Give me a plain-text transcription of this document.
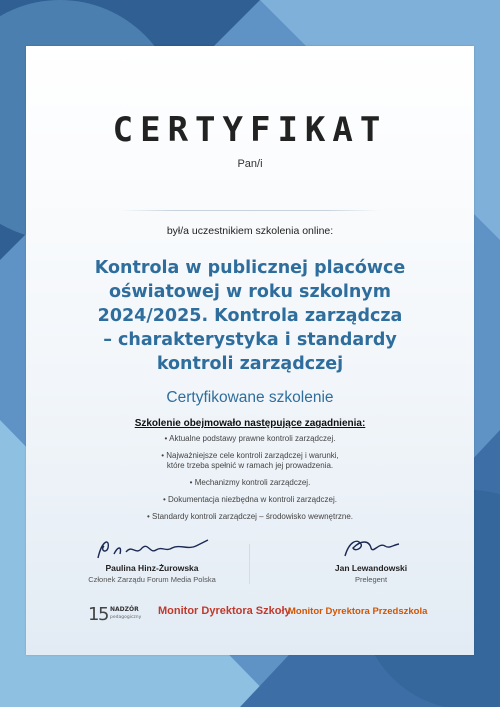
CERTYFIKAT
Pan/i
był/a uczestnikiem szkolenia online:
Kontrola w publicznej placówce
oświatowej w roku szkolnym
2024/2025. Kontrola zarządcza
– charakterystyka i standardy
kontroli zarządczej
Certyfikowane szkolenie
Szkolenie obejmowało następujące zagadnienia:
• Aktualne podstawy prawne kontroli zarządczej.
• Najważniejsze cele kontroli zarządczej i warunki,
które trzeba spełnić w ramach jej prowadzenia.
• Mechanizmy kontroli zarządczej.
• Dokumentacja niezbędna w kontroli zarządczej.
• Standardy kontroli zarządczej – środowisko wewnętrzne.
Paulina Hinz-Żurowska
Członek Zarządu Forum Media Polska
Jan Lewandowski
Prelegent
1
5 NADZÓR
pedagogiczny
Monitor Dyrektora Szkoły
Monitor Dyrektora Przedszkola
